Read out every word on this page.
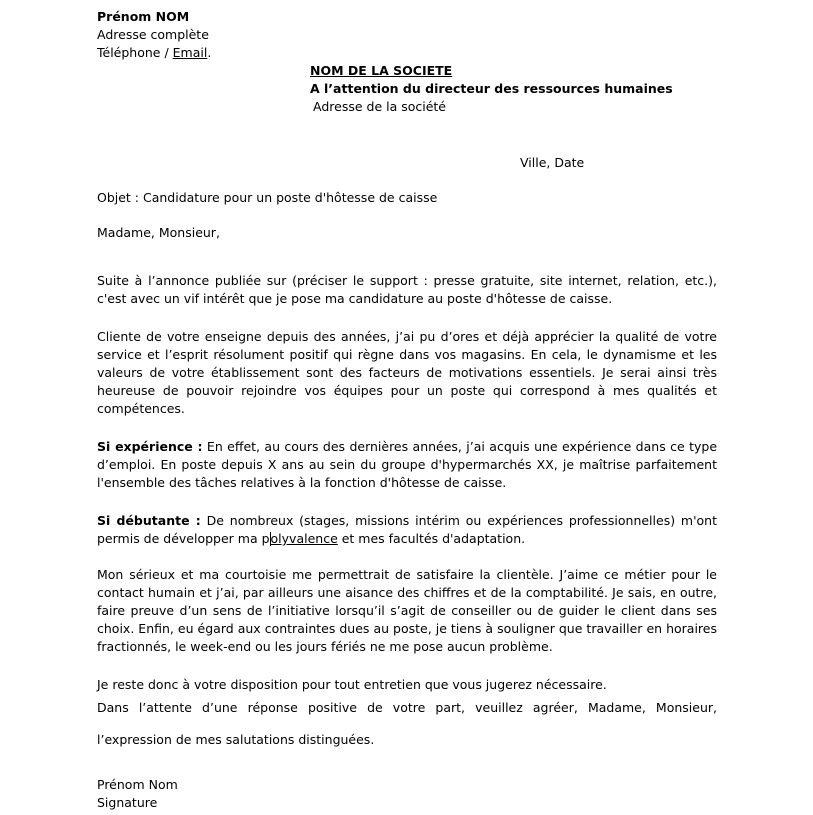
Prénom NOM
Adresse complète
Téléphone / Email.
NOM DE LA SOCIETE
A l’attention du directeur des ressources humaines
Adresse de la société
Ville, Date

Objet : Candidature pour un poste d'hôtesse de caisse

Madame, Monsieur,

Suite à l’annonce publiée sur (préciser le support : presse gratuite, site internet, relation, etc.), c'est avec un vif intérêt que je pose ma candidature au poste d'hôtesse de caisse.

Cliente de votre enseigne depuis des années, j’ai pu d’ores et déjà apprécier la qualité de votre service et l’esprit résolument positif qui règne dans vos magasins. En cela, le dynamisme et les valeurs de votre établissement sont des facteurs de motivations essentiels. Je serai ainsi très heureuse de pouvoir rejoindre vos équipes pour un poste qui correspond à mes qualités et compétences.

Si expérience : En effet, au cours des dernières années, j’ai acquis une expérience dans ce type d’emploi. En poste depuis X ans au sein du groupe d'hypermarchés XX, je maîtrise parfaitement l'ensemble des tâches relatives à la fonction d'hôtesse de caisse.

Si débutante : De nombreux (stages, missions intérim ou expériences professionnelles) m'ont permis de développer ma polyvalence et mes facultés d'adaptation.

Mon sérieux et ma courtoisie me permettrait de satisfaire la clientèle. J’aime ce métier pour le contact humain et j’ai, par ailleurs une aisance des chiffres et de la comptabilité. Je sais, en outre, faire preuve d’un sens de l’initiative lorsqu’il s’agit de conseiller ou de guider le client dans ses choix. Enfin, eu égard aux contraintes dues au poste, je tiens à souligner que travailler en horaires fractionnés, le week-end ou les jours fériés ne me pose aucun problème.

Je reste donc à votre disposition pour tout entretien que vous jugerez nécessaire.

Dans l’attente d’une réponse positive de votre part, veuillez agréer, Madame, Monsieur,

l’expression de mes salutations distinguées.

Prénom Nom
Signature
